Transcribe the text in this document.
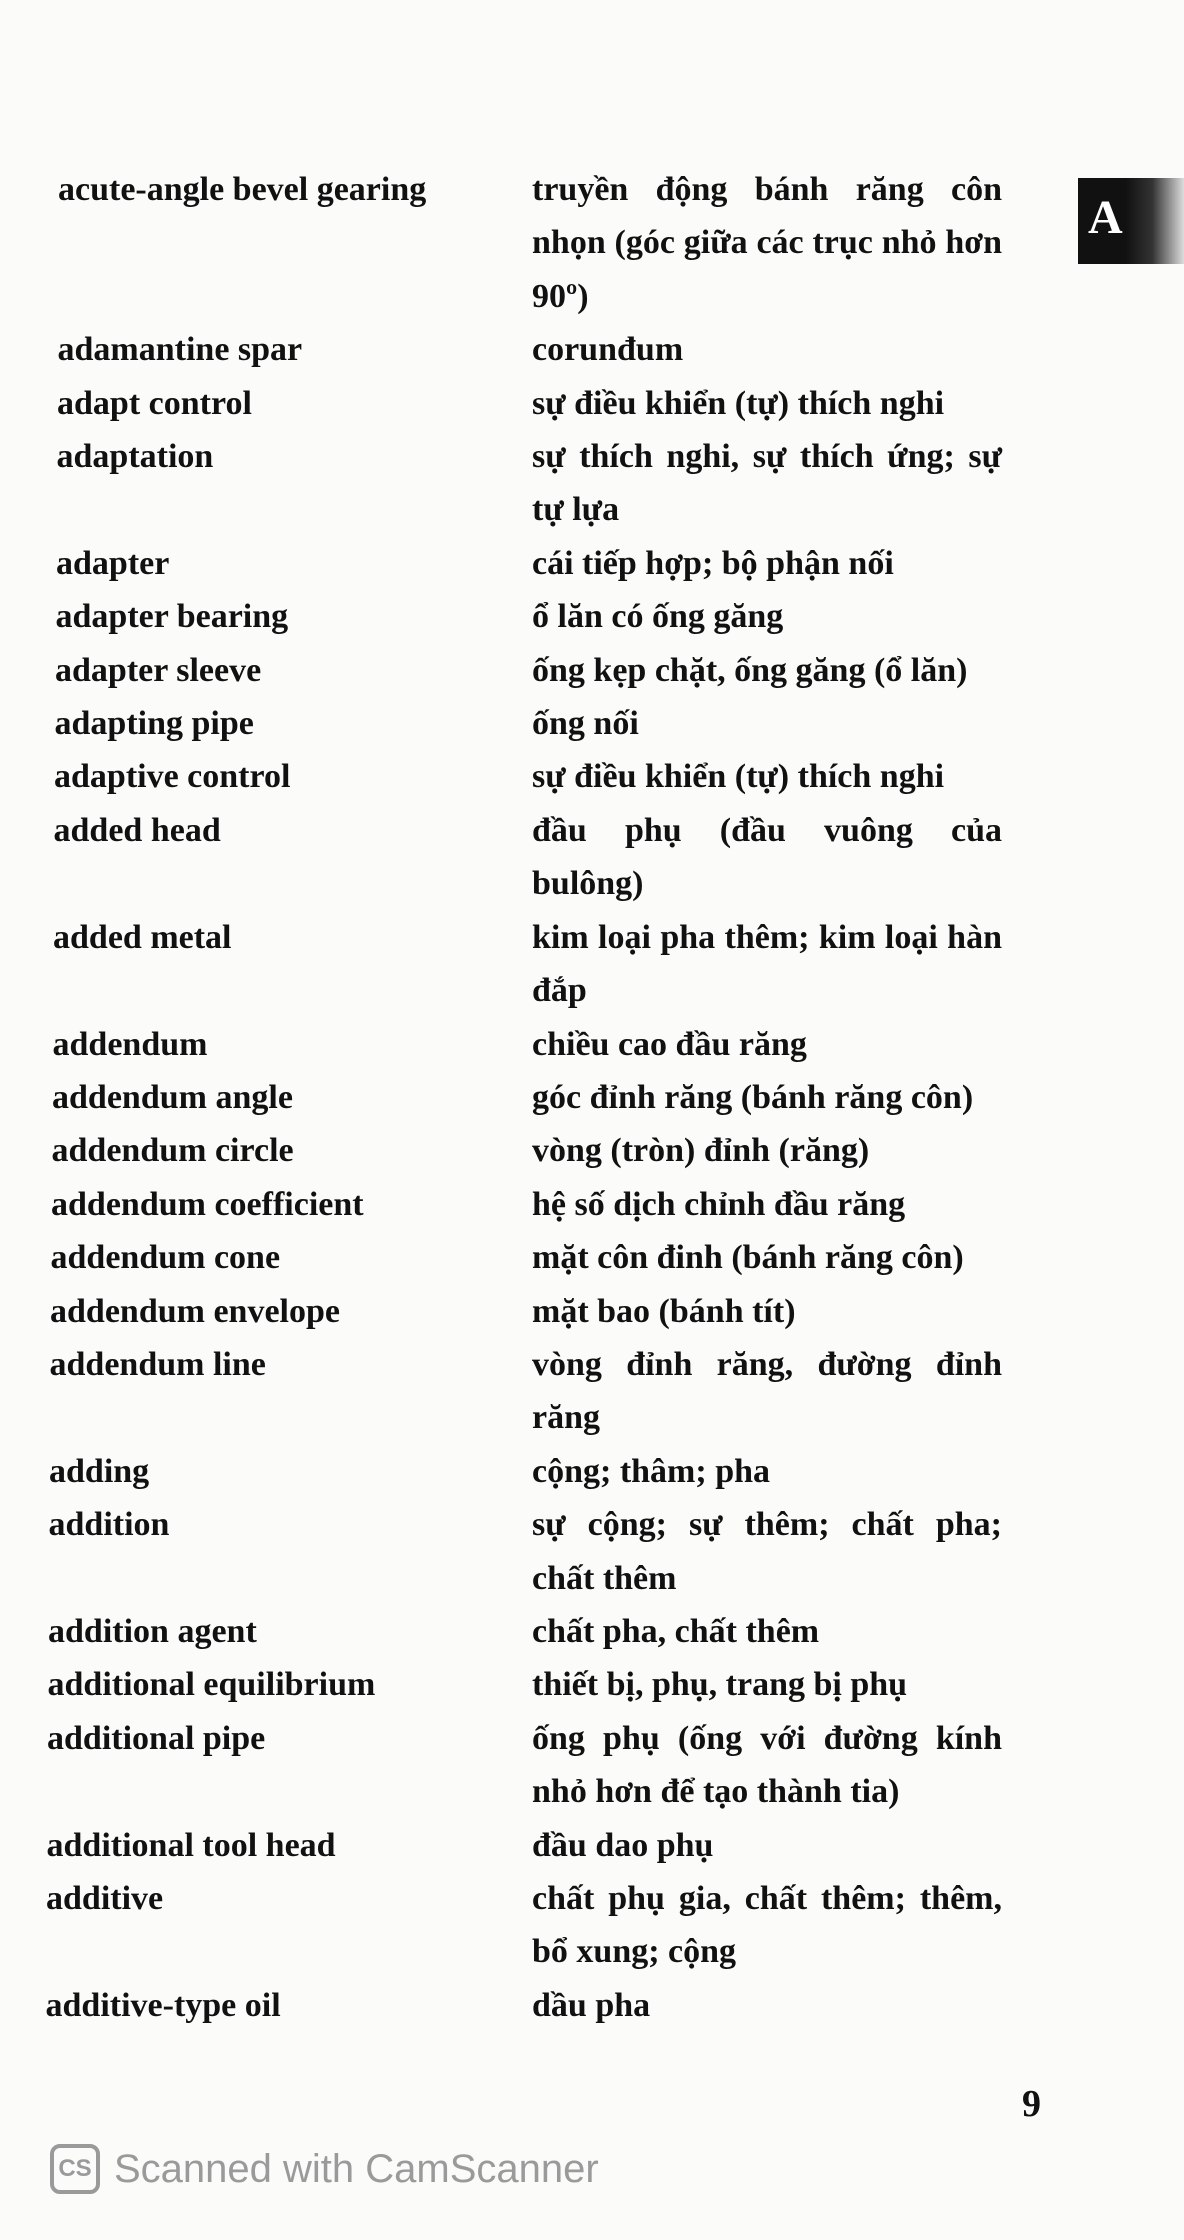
A
acute-angle bevel gearing	truyền động bánh răng côn nhọn (góc giữa các trục nhỏ hơn 90º)
adamantine spar	corunđum
adapt control	sự điều khiển (tự) thích nghi
adaptation	sự thích nghi, sự thích ứng; sự tự lựa
adapter	cái tiếp hợp; bộ phận nối
adapter bearing	ổ lăn có ống găng
adapter sleeve	ống kẹp chặt, ống găng (ổ lăn)
adapting pipe	ống nối
adaptive control	sự điều khiển (tự) thích nghi
added head	đầu phụ (đầu vuông của bulông)
added metal	kim loại pha thêm; kim loại hàn đắp
addendum	chiều cao đầu răng
addendum angle	góc đỉnh răng (bánh răng côn)
addendum circle	vòng (tròn) đỉnh (răng)
addendum coefficient	hệ số dịch chỉnh đầu răng
addendum cone	mặt côn đinh (bánh răng côn)
addendum envelope	mặt bao (bánh tít)
addendum line	vòng đỉnh răng, đường đỉnh răng
adding	cộng; thâm; pha
addition	sự cộng; sự thêm; chất pha; chất thêm
addition agent	chất pha, chất thêm
additional equilibrium	thiết bị, phụ, trang bị phụ
additional pipe	ống phụ (ống với đường kính nhỏ hơn để tạo thành tia)
additional tool head	đầu dao phụ
additive	chất phụ gia, chất thêm; thêm, bổ xung; cộng
additive-type oil	dầu pha
9
CS Scanned with CamScanner
